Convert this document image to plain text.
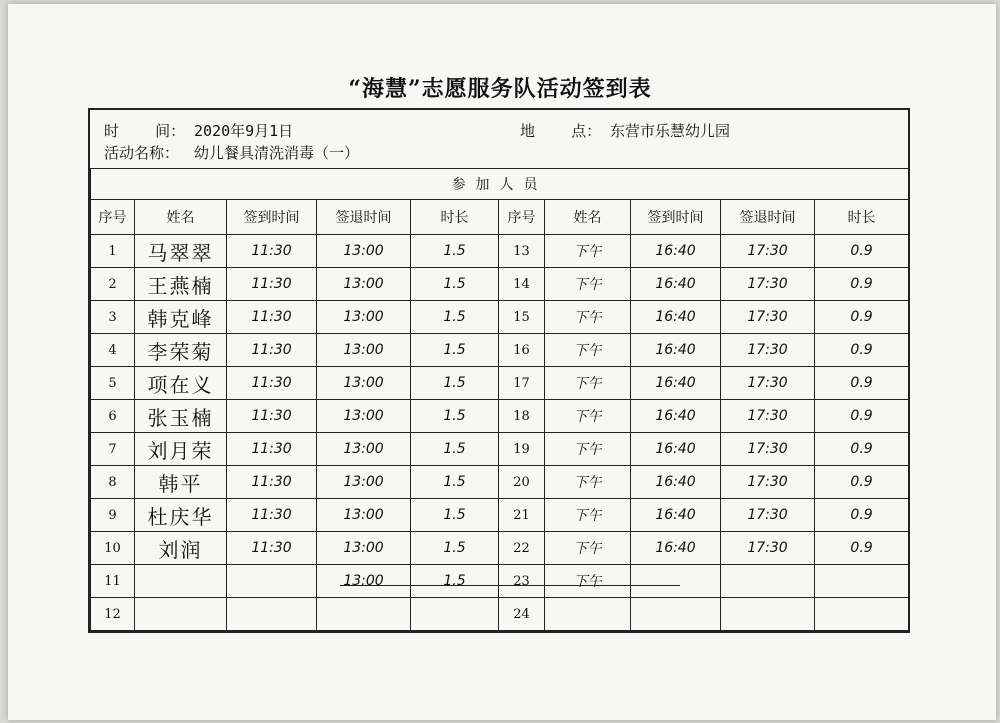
“海慧”志愿服务队活动签到表
时    间： 2020年9月1日	地    点： 东营市乐慧幼儿园
活动名称： 幼儿餐具清洗消毒（一）
参加人员									
序号	姓名	签到时间	签退时间	时长	序号	姓名	签到时间	签退时间	时长
1	马翠翠	11:30	13:00	1.5	13	下午	16:40	17:30	0.9
2	王燕楠	11:30	13:00	1.5	14	下午	16:40	17:30	0.9
3	韩克峰	11:30	13:00	1.5	15	下午	16:40	17:30	0.9
4	李荣菊	11:30	13:00	1.5	16	下午	16:40	17:30	0.9
5	项在义	11:30	13:00	1.5	17	下午	16:40	17:30	0.9
6	张玉楠	11:30	13:00	1.5	18	下午	16:40	17:30	0.9
7	刘月荣	11:30	13:00	1.5	19	下午	16:40	17:30	0.9
8	韩平	11:30	13:00	1.5	20	下午	16:40	17:30	0.9
9	杜庆华	11:30	13:00	1.5	21	下午	16:40	17:30	0.9
10	刘润	11:30	13:00	1.5	22	下午	16:40	17:30	0.9
11			13:00	1.5	23	下午			
12					24				
